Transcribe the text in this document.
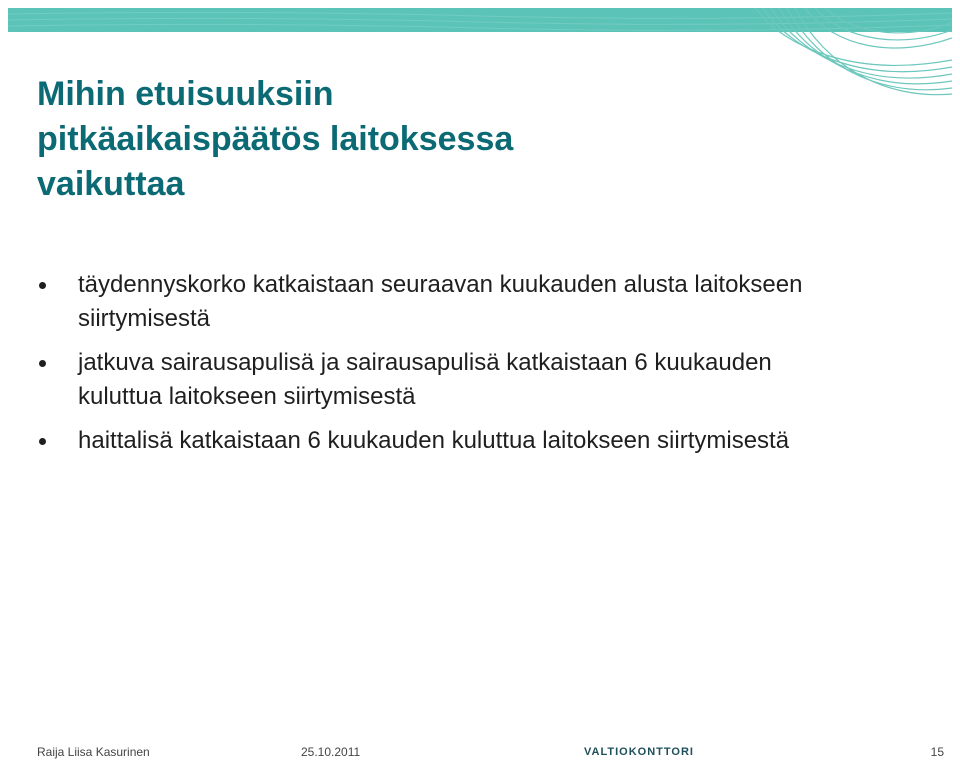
Mihin etuisuuksiin
pitkäaikaispäätös laitoksessa
vaikuttaa
täydennyskorko katkaistaan seuraavan kuukauden alusta laitokseen siirtymisestä
jatkuva sairausapulisä ja sairausapulisä katkaistaan 6 kuukauden kuluttua laitokseen siirtymisestä
haittalisä katkaistaan 6 kuukauden kuluttua laitokseen siirtymisestä
Raija Liisa Kasurinen	25.10.2011	VALTIOKONTTORI	15
